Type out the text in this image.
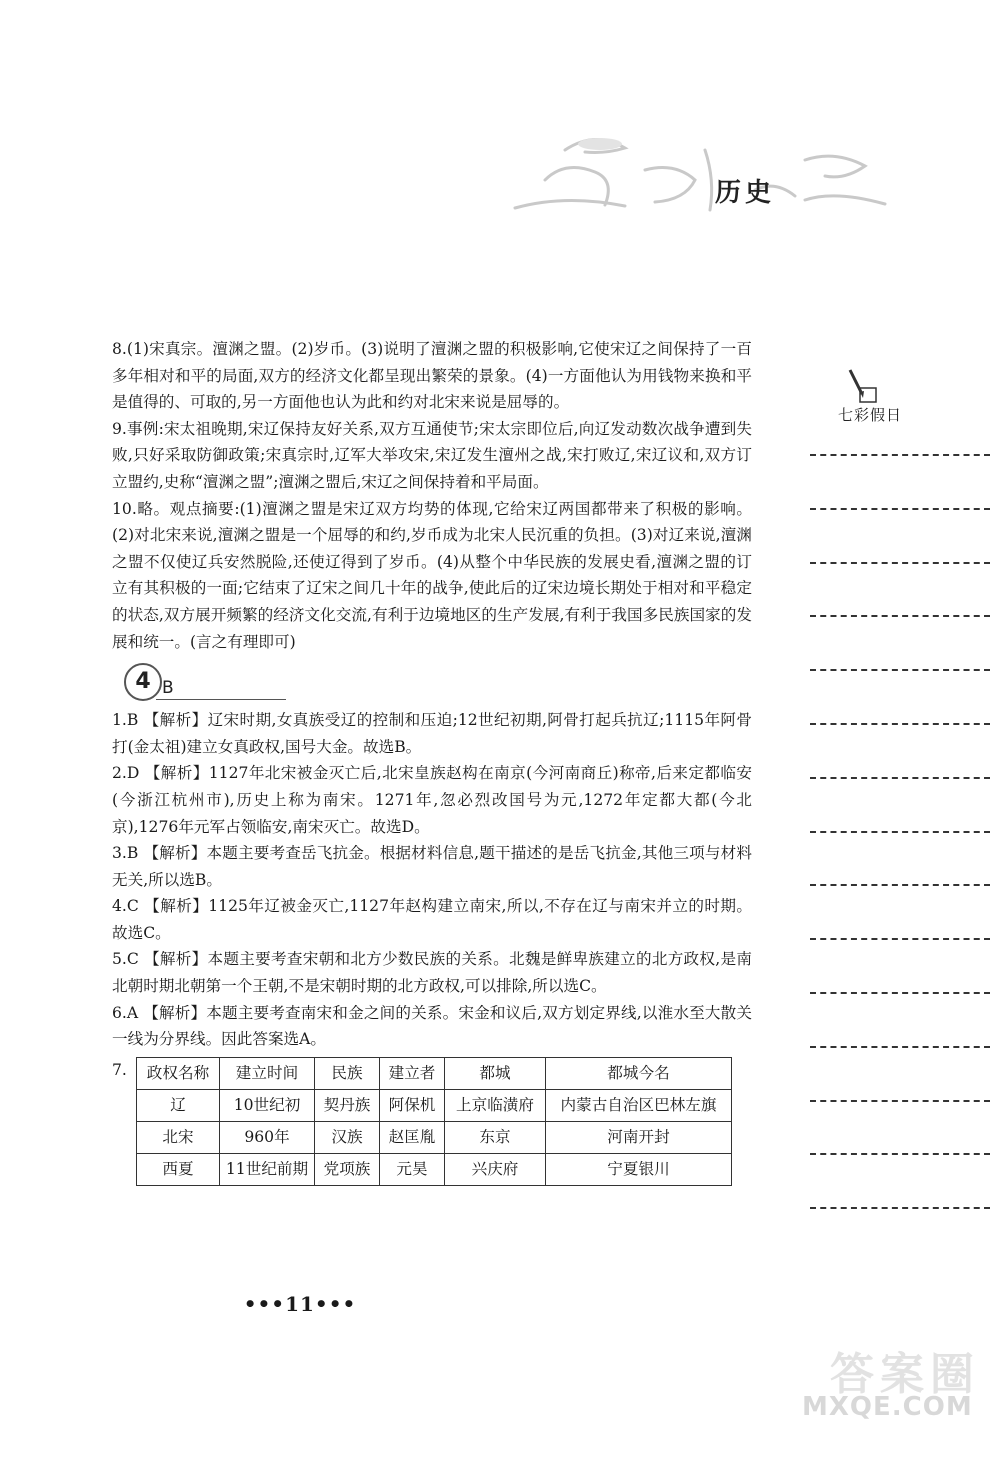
历史

8.(1)宋真宗。澶渊之盟。(2)岁币。(3)说明了澶渊之盟的积极影响,它使宋辽之间保持了一百多年相对和平的局面,双方的经济文化都呈现出繁荣的景象。(4)一方面他认为用钱物来换和平是值得的、可取的,另一方面他也认为此和约对北宋来说是屈辱的。

9.事例:宋太祖晚期,宋辽保持友好关系,双方互通使节;宋太宗即位后,向辽发动数次战争遭到失败,只好采取防御政策;宋真宗时,辽军大举攻宋,宋辽发生澶州之战,宋打败辽,宋辽议和,双方订立盟约,史称“澶渊之盟”;澶渊之盟后,宋辽之间保持着和平局面。

10.略。观点摘要:(1)澶渊之盟是宋辽双方均势的体现,它给宋辽两国都带来了积极的影响。(2)对北宋来说,澶渊之盟是一个屈辱的和约,岁币成为北宋人民沉重的负担。(3)对辽来说,澶渊之盟不仅使辽兵安然脱险,还使辽得到了岁币。(4)从整个中华民族的发展史看,澶渊之盟的订立有其积极的一面;它结束了辽宋之间几十年的战争,使此后的辽宋边境长期处于相对和平稳定的状态,双方展开频繁的经济文化交流,有利于边境地区的生产发展,有利于我国多民族国家的发展和统一。(言之有理即可)

4 B

1.B 【解析】辽宋时期,女真族受辽的控制和压迫;12世纪初期,阿骨打起兵抗辽;1115年阿骨打(金太祖)建立女真政权,国号大金。故选B。

2.D 【解析】1127年北宋被金灭亡后,北宋皇族赵构在南京(今河南商丘)称帝,后来定都临安(今浙江杭州市),历史上称为南宋。1271年,忽必烈改国号为元,1272年定都大都(今北京),1276年元军占领临安,南宋灭亡。故选D。

3.B 【解析】本题主要考查岳飞抗金。根据材料信息,题干描述的是岳飞抗金,其他三项与材料无关,所以选B。

4.C 【解析】1125年辽被金灭亡,1127年赵构建立南宋,所以,不存在辽与南宋并立的时期。故选C。

5.C 【解析】本题主要考查宋朝和北方少数民族的关系。北魏是鲜卑族建立的北方政权,是南北朝时期北朝第一个王朝,不是宋朝时期的北方政权,可以排除,所以选C。

6.A 【解析】本题主要考查南宋和金之间的关系。宋金和议后,双方划定界线,以淮水至大散关一线为分界线。因此答案选A。

7. 政权名称	建立时间	民族	建立者	都城	都城今名
辽	10世纪初	契丹族	阿保机	上京临潢府	内蒙古自治区巴林左旗
北宋	960年	汉族	赵匡胤	东京	河南开封
西夏	11世纪前期	党项族	元昊	兴庆府	宁夏银川
•••11•••
七彩假日
答案圈
MXQE.COM
